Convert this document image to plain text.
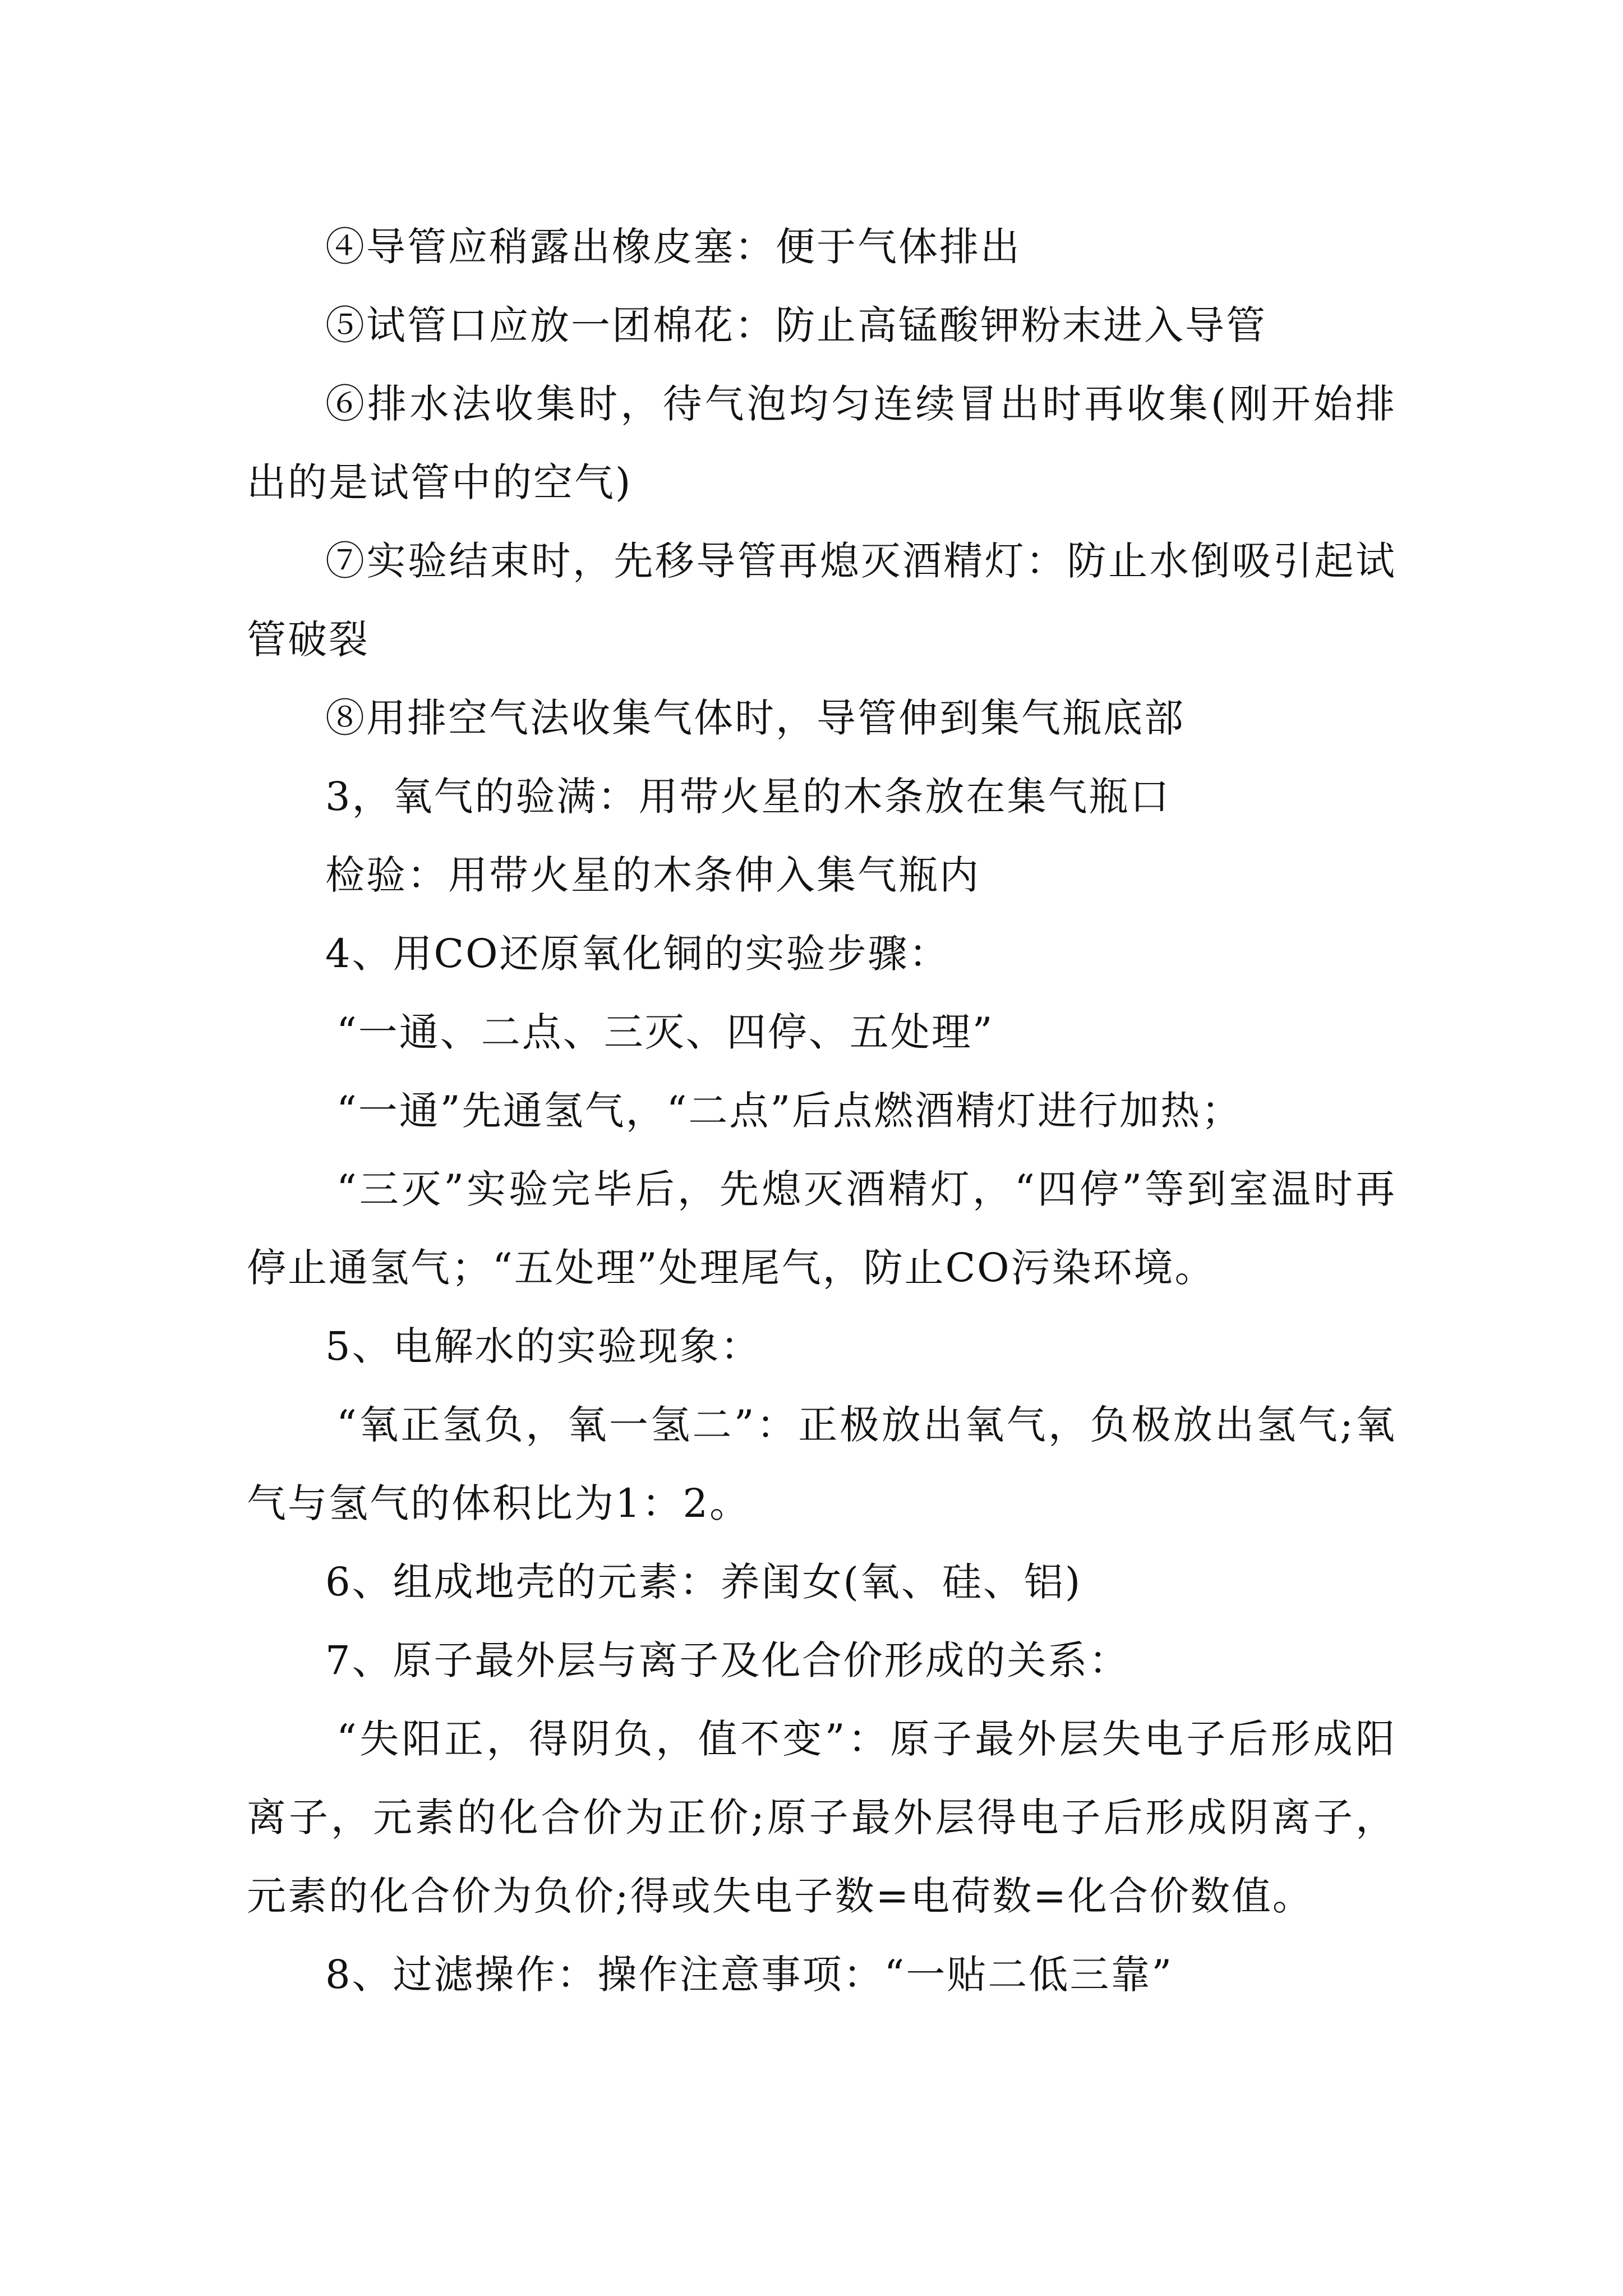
④导管应稍露出橡皮塞：便于气体排出

⑤试管口应放一团棉花：防止高锰酸钾粉末进入导管

⑥排水法收集时，待气泡均匀连续冒出时再收集(刚开始排出的是试管中的空气)

⑦实验结束时，先移导管再熄灭酒精灯：防止水倒吸引起试管破裂

⑧用排空气法收集气体时，导管伸到集气瓶底部

3，氧气的验满：用带火星的木条放在集气瓶口

检验：用带火星的木条伸入集气瓶内

4、用CO还原氧化铜的实验步骤：

“一通、二点、三灭、四停、五处理”

“一通”先通氢气，“二点”后点燃酒精灯进行加热；

“三灭”实验完毕后，先熄灭酒精灯，“四停”等到室温时再停止通氢气；“五处理”处理尾气，防止CO污染环境。

5、电解水的实验现象：

“氧正氢负，氧一氢二”：正极放出氧气，负极放出氢气;氧气与氢气的体积比为1：2。

6、组成地壳的元素：养闺女(氧、硅、铝)

7、原子最外层与离子及化合价形成的关系：

“失阳正，得阴负，值不变”：原子最外层失电子后形成阳离子，元素的化合价为正价;原子最外层得电子后形成阴离子，元素的化合价为负价;得或失电子数=电荷数=化合价数值。

8、过滤操作：操作注意事项：“一贴二低三靠”
